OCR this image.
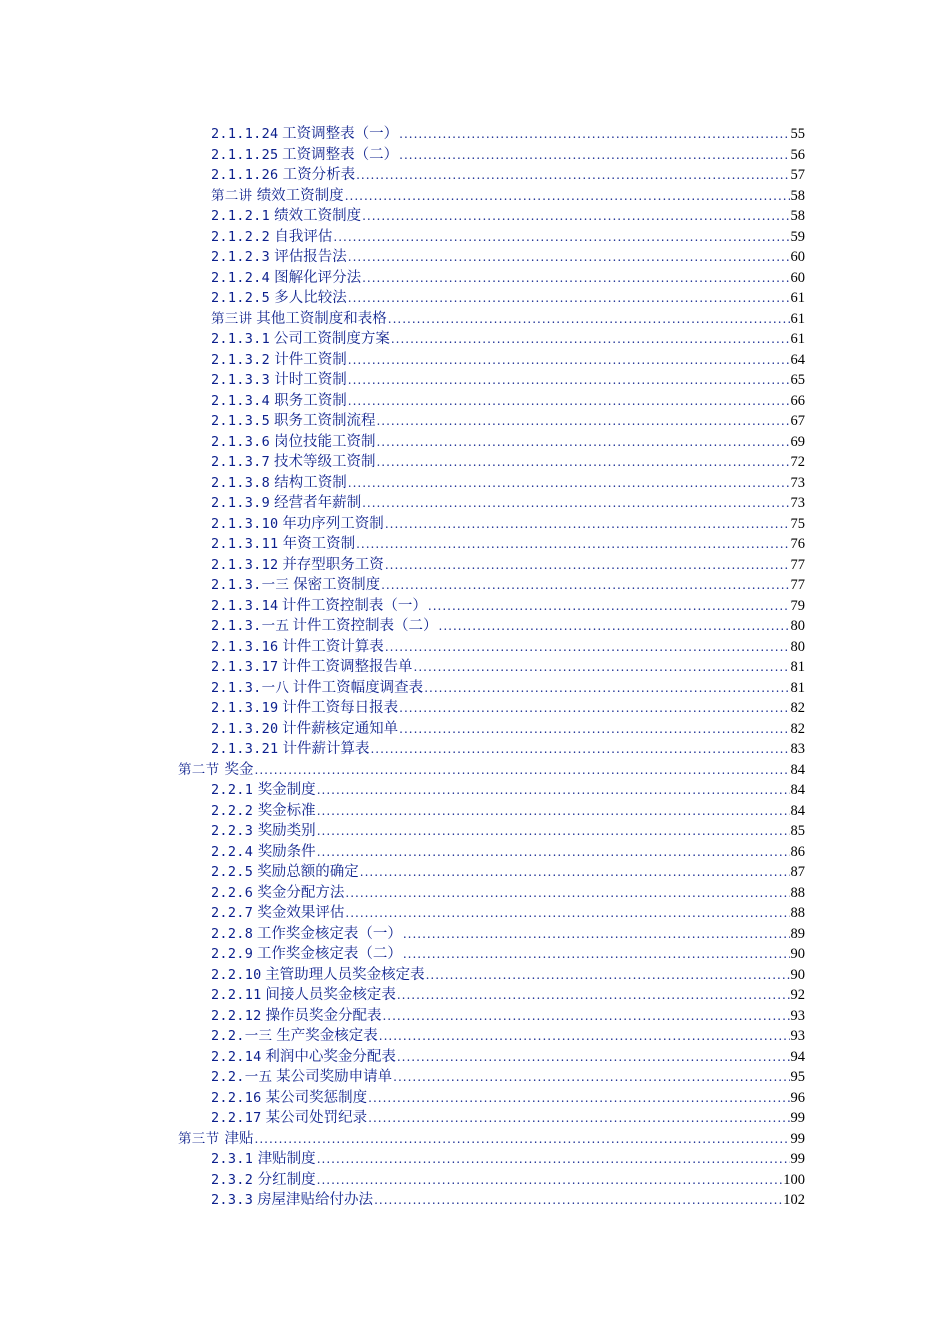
2.1.1.24 工资调整表（一） .....	55
2.1.1.25 工资调整表（二） .....	56
2.1.1.26 工资分析表 .....	57
第二讲 绩效工资制度 .....	58
2.1.2.1 绩效工资制度 .....	58
2.1.2.2 自我评估 .....	59
2.1.2.3 评估报告法 .....	60
2.1.2.4 图解化评分法 .....	60
2.1.2.5 多人比较法 .....	61
第三讲 其他工资制度和表格 .....	61
2.1.3.1 公司工资制度方案 .....	61
2.1.3.2 计件工资制 .....	64
2.1.3.3 计时工资制 .....	65
2.1.3.4 职务工资制 .....	66
2.1.3.5 职务工资制流程 .....	67
2.1.3.6 岗位技能工资制 .....	69
2.1.3.7 技术等级工资制 .....	72
2.1.3.8 结构工资制 .....	73
2.1.3.9 经营者年薪制 .....	73
2.1.3.10 年功序列工资制 .....	75
2.1.3.11 年资工资制 .....	76
2.1.3.12 并存型职务工资 .....	77
2.1.3.一三 保密工资制度 .....	77
2.1.3.14 计件工资控制表（一） .....	79
2.1.3.一五 计件工资控制表（二） .....	80
2.1.3.16 计件工资计算表 .....	80
2.1.3.17 计件工资调整报告单 .....	81
2.1.3.一八 计件工资幅度调查表 .....	81
2.1.3.19 计件工资每日报表 .....	82
2.1.3.20 计件薪核定通知单 .....	82
2.1.3.21 计件薪计算表 .....	83
第二节 奖金 .....	84
2.2.1 奖金制度 .....	84
2.2.2 奖金标准 .....	84
2.2.3 奖励类别 .....	85
2.2.4 奖励条件 .....	86
2.2.5 奖励总额的确定 .....	87
2.2.6 奖金分配方法 .....	88
2.2.7 奖金效果评估 .....	88
2.2.8 工作奖金核定表（一） .....	89
2.2.9 工作奖金核定表（二） .....	90
2.2.10 主管助理人员奖金核定表 .....	90
2.2.11 间接人员奖金核定表 .....	92
2.2.12 操作员奖金分配表 .....	93
2.2.一三 生产奖金核定表 .....	93
2.2.14 利润中心奖金分配表 .....	94
2.2.一五 某公司奖励申请单 .....	95
2.2.16 某公司奖惩制度 .....	96
2.2.17 某公司处罚纪录 .....	99
第三节 津贴 .....	99
2.3.1 津贴制度 .....	99
2.3.2 分红制度 .....	100
2.3.3 房屋津贴给付办法 .....	102
